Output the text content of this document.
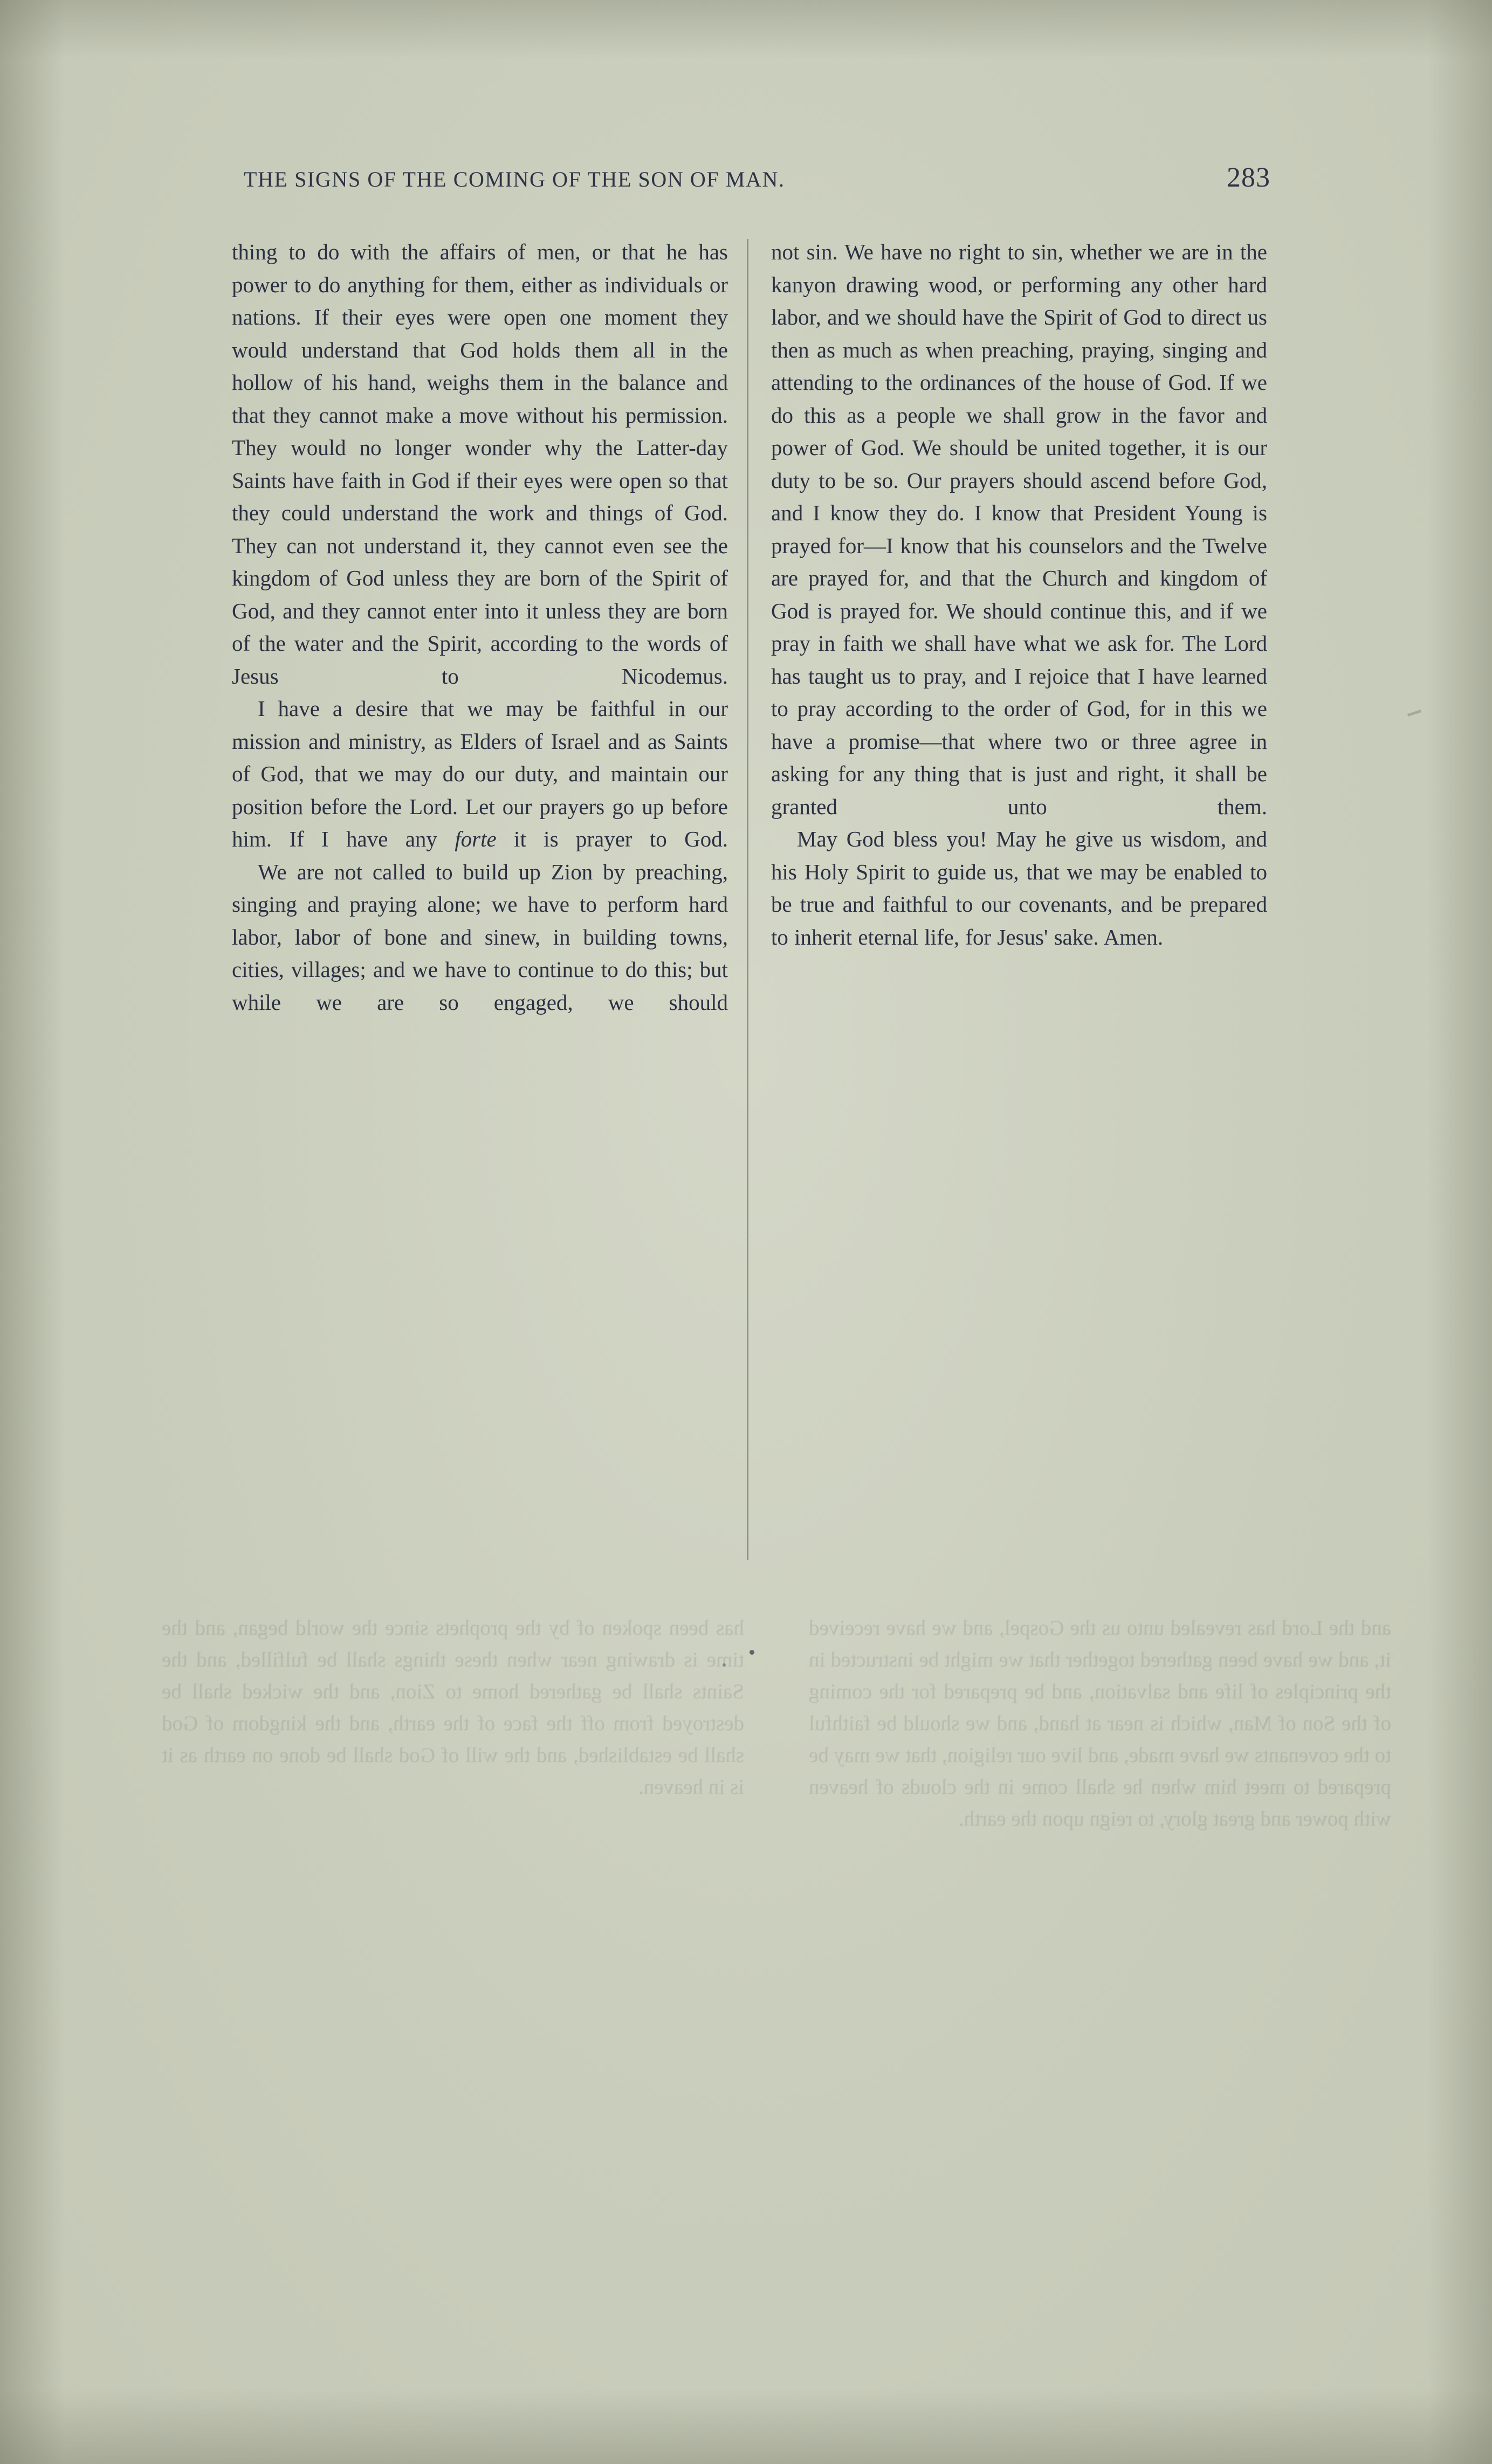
THE SIGNS OF THE COMING OF THE SON OF MAN.	283

thing to do with the affairs of men, or that he has power to do anything for them, either as individuals or nations. If their eyes were open one moment they would understand that God holds them all in the hollow of his hand, weighs them in the balance and that they cannot make a move without his permission. They would no longer wonder why the Latter-day Saints have faith in God if their eyes were open so that they could understand the work and things of God. They can not understand it, they cannot even see the kingdom of God unless they are born of the Spirit of God, and they cannot enter into it unless they are born of the water and the Spirit, according to the words of Jesus to Nicodemus.

I have a desire that we may be faithful in our mission and ministry, as Elders of Israel and as Saints of God, that we may do our duty, and maintain our position before the Lord. Let our prayers go up before him. If I have any forte it is prayer to God.

We are not called to build up Zion by preaching, singing and praying alone; we have to perform hard labor, labor of bone and sinew, in building towns, cities, villages; and we have to continue to do this; but while we are so engaged, we should

not sin. We have no right to sin, whether we are in the kanyon drawing wood, or performing any other hard labor, and we should have the Spirit of God to direct us then as much as when preaching, praying, singing and attending to the ordinances of the house of God. If we do this as a people we shall grow in the favor and power of God. We should be united together, it is our duty to be so. Our prayers should ascend before God, and I know they do. I know that President Young is prayed for—I know that his counselors and the Twelve are prayed for, and that the Church and kingdom of God is prayed for. We should continue this, and if we pray in faith we shall have what we ask for. The Lord has taught us to pray, and I rejoice that I have learned to pray according to the order of God, for in this we have a promise—that where two or three agree in asking for any thing that is just and right, it shall be granted unto them.

May God bless you! May he give us wisdom, and his Holy Spirit to guide us, that we may be enabled to be true and faithful to our covenants, and be prepared to inherit eternal life, for Jesus' sake. Amen.

and the Lord has revealed unto us the Gospel, and we have received it, and we have been gathered together that we might be instructed in the principles of life and salvation, and be prepared for the coming of the Son of Man, which is near at hand, and we should be faithful to the covenants we have made, and live our religion, that we may be prepared to meet him when he shall come in the clouds of heaven with power and great glory, to reign upon the earth.
has been spoken of by the prophets since the world began, and the time is drawing near when these things shall be fulfilled, and the Saints shall be gathered home to Zion, and the wicked shall be destroyed from off the face of the earth, and the kingdom of God shall be established, and the will of God shall be done on earth as it is in heaven.
